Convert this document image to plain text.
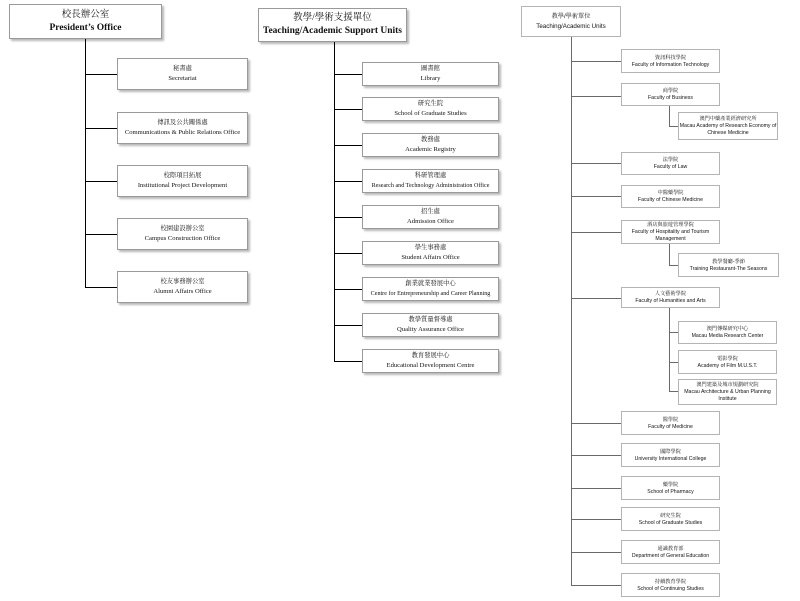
校長辦公室
President’s Office
秘書處
Secretariat
傳訊及公共關係處
Communications & Public Relations Office
校際項目拓展
Institutional Project Development
校園建設辦公室
Campus Construction Office
校友事務辦公室
Alumni Affairs Office
教學/學術支援單位
Teaching/Academic Support Units
圖書館
Library
研究生院
School of Graduate Studies
教務處
Academic Registry
科研管理處
Research and Technology Administration Office
招生處
Admission Office
學生事務處
Student Affairs Office
創業就業發展中心
Centre for Entrepreneurship and Career Planning
教學質量督導處
Quality Assurance Office
教育發展中心
Educational Development Centre
教學/學術單位
Teaching/Academic Units
資訊科技學院
Faculty of Information Technology
商學院
Faculty of Business
澳門中藥產業經濟研究所
Macau Academy of Research Economy of Chinese Medicine
法學院
Faculty of Law
中醫藥學院
Faculty of Chinese Medicine
酒店與旅遊管理學院
Faculty of Hospitality and Tourism Management
教學餐廳-季節
Training Restaurant-The Seasons
人文藝術學院
Faculty of Humanities and Arts
澳門傳媒研究中心
Macau Media Research Center
電影學院
Academy of Film M.U.S.T.
澳門建築及城市規劃研究院
Macau Architecture & Urban Planning Institute
醫學院
Faculty of Medicine
國際學院
University International College
藥學院
School of Pharmacy
研究生院
School of Graduate Studies
通識教育部
Department of General Education
持續教育學院
School of Continuing Studies
